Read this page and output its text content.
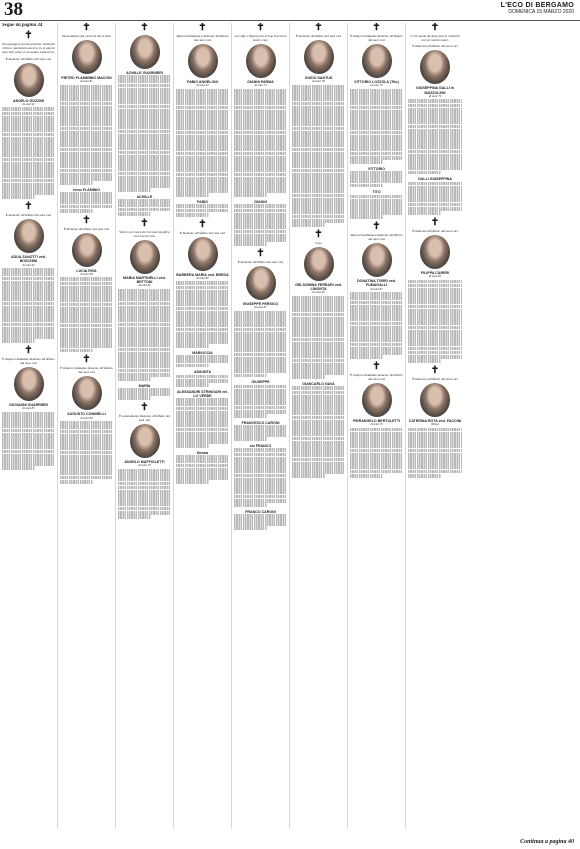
38	L'ECO DI BERGAMO
DOMENICA 15 MARZO 2020
Segue da pagina 34
✝
Non piangete la mia assenza, sentitemi vicino e parlatemi ancora. Io vi amerò dal cielo come vi ho amato sulla terra.
È mancato all'affetto dei suoi cari
ANGELO GOZZINI
di anni 92
✝
È mancato all'affetto dei suoi cari
ADUA ZANOTTI ved. BOSCHINI
di anni 92
✝
È improvvisamente mancato all'affetto dei suoi cari
GIOVANNI GUARRIERI
di anni 85
✝
Sarai sempre nel cuore di chi ti ama.
PIETRO FLAMMINIO MACONI
di anni 81
remo FLAMINIO
✝
È mancato all'affetto dei suoi cari
LUCIA RIVA
di anni 98
✝
È improvvisamente mancato all'affetto dei suoi cari
AUGUSTO COMINELLI
di anni 80
✝
ACHILLE GUARNIERI
ACHILLE
✝
Vivere nel cuore di chi resta significa non morire mai.
MARIA MARTINELLI ved. BETTONI
di anni 81
MARIA
✝
È serenamente mancato all'affetto dei suoi cari
ANGELO MAFFIOLETTI
di anni 79
✝
Improvvisamente è mancato all'affetto dei suoi cari
FABIO ANGELONI
di anni 49
FABIO
✝
È mancato all'affetto dei suoi cari
BARBERA MARIA ved. BREDA
di anni 89
MARIUCCIA
ASSUNTA
ALESSANDRI STRINGARI vel. LO VERDE
Nonna
✝
Accogli o Signore fra le Tue braccia il nostro caro
GIANNI PARMA
di anni 74
GIANNI
✝
È mancato all'affetto dei suoi cari
GIUSEPPE PERSICO
di anni 87
GIUSEPPE
FRANCESCO CARONI
zio FRANCO
FRANCO CARONI
✝
È mancato all'affetto dei suoi cari
GUIDO SANTUS
di anni 78
✝
Ciao
GELSOMINA FERRARI ved. LIMONTA
di anni 90
GIANCARLO NAVA
✝
È improvvisamente mancato all'affetto dei suoi cari
VITTORIO LOZZOLA (Tito)
di anni 79
VITTORIO
TITO
✝
Improvvisamente è mancato all'affetto dei suoi cari
DONATINA TORRI ved. FUMAGALLI
di anni 87
✝
È improvvisamente mancato all'affetto dei suoi cari
PIERANGELO BERTULETTI
di anni 76
✝
Ci sei poste da dove pioi in ni darmi voci al nostro cuore.
È mancata all'affetto dei suoi cari
GIUSEPPINA GALLI in MAZZOLENI
di anni 79
GALLI GIUSEPPINA
✝
È mancata all'affetto dei suoi cari
FILIPPA CARERI
di anni 85
✝
È mancata all'affetto dei suoi cari
CATERINA ROTA ved. FACCINI
(Rina)
Continua a pagina 40
